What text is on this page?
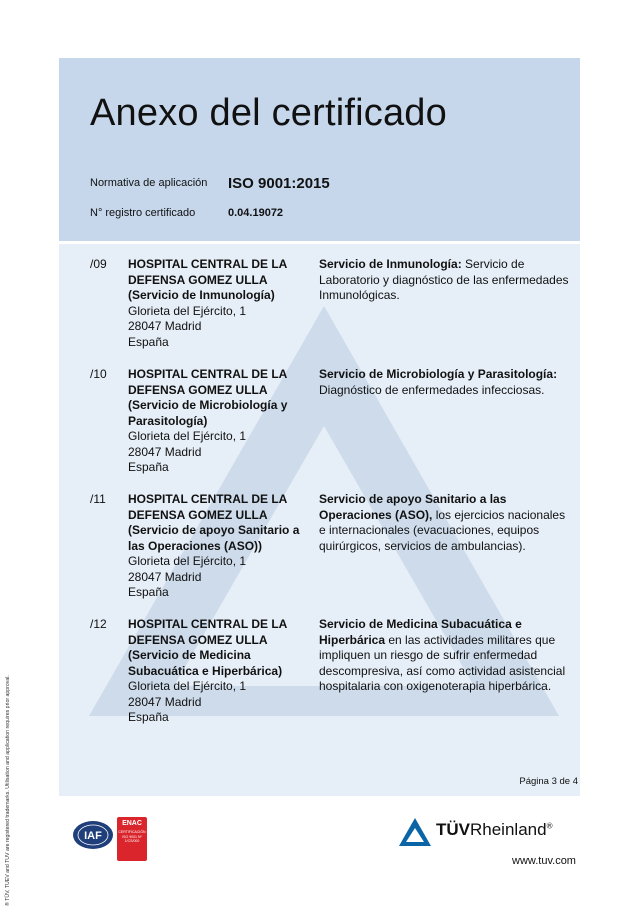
Anexo del certificado
Normativa de aplicación ISO 9001:2015
N° registro certificado	0.04.19072
/09 HOSPITAL CENTRAL DE LA
DEFENSA GOMEZ ULLA
(Servicio de Inmunología)
Glorieta del Ejército, 1
28047 Madrid
España
Servicio de Inmunología: Servicio de Laboratorio y diagnóstico de las enfermedades Inmunológicas.
/10 HOSPITAL CENTRAL DE LA
DEFENSA GOMEZ ULLA
(Servicio de Microbiología y
Parasitología)
Glorieta del Ejército, 1
28047 Madrid
España
Servicio de Microbiología y Parasitología: Diagnóstico de enfermedades infecciosas.
/11 HOSPITAL CENTRAL DE LA
DEFENSA GOMEZ ULLA
(Servicio de apoyo Sanitario a
las Operaciones (ASO))
Glorieta del Ejército, 1
28047 Madrid
España
Servicio de apoyo Sanitario a las Operaciones (ASO), los ejercicios nacionales e internacionales (evacuaciones, equipos quirúrgicos, servicios de ambulancias).
/12 HOSPITAL CENTRAL DE LA
DEFENSA GOMEZ ULLA
(Servicio de Medicina
Subacuática e Hiperbárica)
Glorieta del Ejército, 1
28047 Madrid
España
Servicio de Medicina Subacuática e Hiperbárica en las actividades militares que impliquen un riesgo de sufrir enfermedad descompresiva, así como actividad asistencial hospitalaria con oxigenoterapia hiperbárica.
Página 3 de 4
® TÜV, TUEV and TUV are registered trademarks. Utilisation and application requires prior approval.	IAF
ENAC
CERTIFICACIÓN ISO 9001 Nº 1/CS/000
TÜVRheinland®
www.tuv.com
